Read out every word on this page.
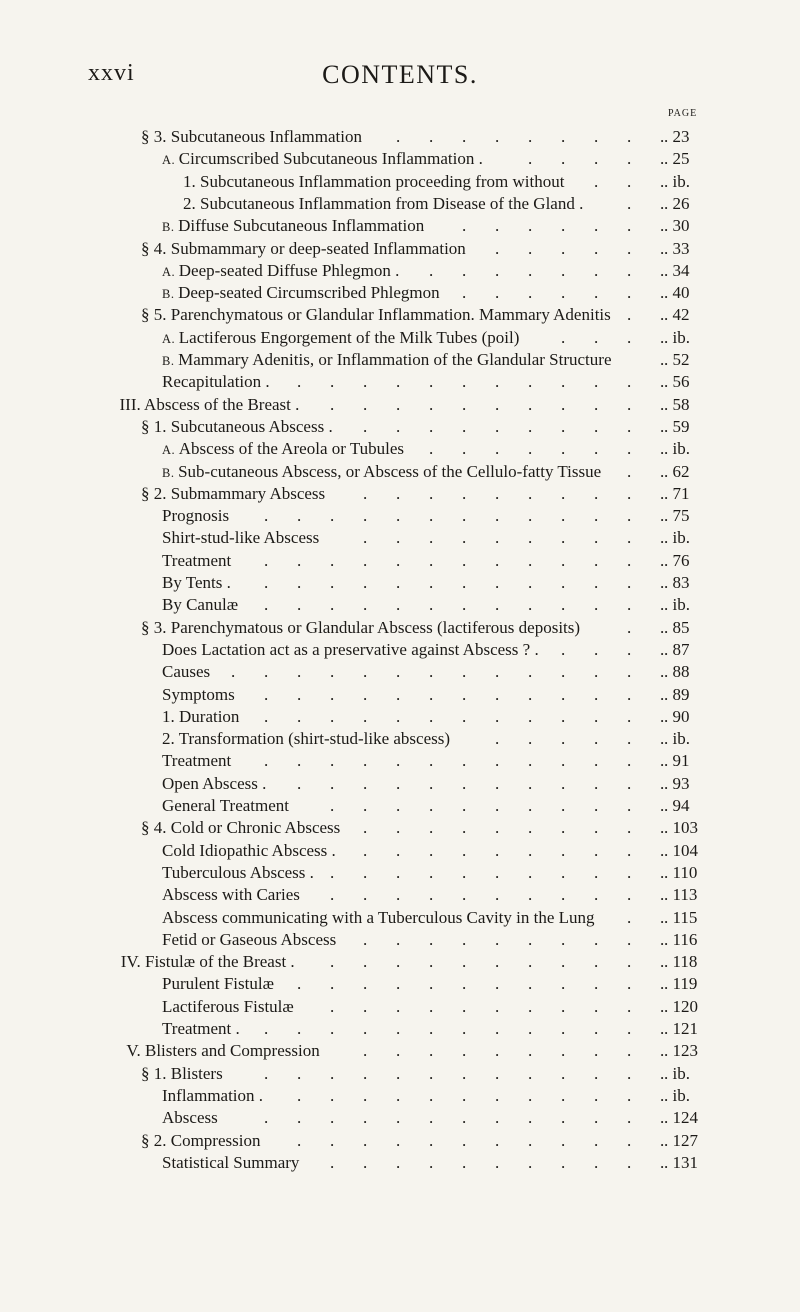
xxvi	CONTENTS.
PAGE
§ 3. Subcutaneous Inflammation . . . . . . . . . . 23
A. Circumscribed Subcutaneous Inflammation .	. . . . . . 25
1. Subcutaneous Inflammation proceeding from without . . . . ib.
2. Subcutaneous Inflammation from Disease of the Gland .	. . . 26
B. Diffuse Subcutaneous Inflammation . . . . . . . . 30
§ 4. Submammary or deep-seated Inflammation . . . . . . . 33
A. Deep-seated Diffuse Phlegmon . . . . . . . . . . 34
B. Deep-seated Circumscribed Phlegmon . . . . . . . . 40
§ 5. Parenchymatous or Glandular Inflammation. Mammary Adenitis . . . 42
A. Lactiferous Engorgement of the Milk Tubes (poil) . . . . . ib.
B. Mammary Adenitis, or Inflammation of the Glandular Structure	. . 52
Recapitulation . . . . . . . . . . . . . . 56
III. Abscess of the Breast . . . . . . . . . . . . . 58
§ 1. Subcutaneous Abscess . . . . . . . . . . . . 59
A. Abscess of the Areola or Tubules . . . . . . . . . ib.
B. Sub-cutaneous Abscess, or Abscess of the Cellulo-fatty Tissue . . . 62
§ 2. Submammary Abscess . . . . . . . . . . . 71
Prognosis . . . . . . . . . . . . . . 75
Shirt-stud-like Abscess	. . . . . . . . . . . ib.
Treatment . . . . . . . . . . . . . . 76
By Tents . . . . . . . . . . . . . . . 83
By Canulæ . . . . . . . . . . . . . . ib.
§ 3. Parenchymatous or Glandular Abscess (lactiferous deposits)	. . . 85
Does Lactation act as a preservative against Abscess ? . . . . . . 87
Causes . . . . . . . . . . . . . . . 88
Symptoms . . . . . . . . . . . . . . 89
1. Duration . . . . . . . . . . . . . . 90
2. Transformation (shirt-stud-like abscess)	. . . . . . . ib.
Treatment . . . . . . . . . . . . . . 91
Open Abscess . . . . . . . . . . . . . . 93
General Treatment . . . . . . . . . . . . 94
§ 4. Cold or Chronic Abscess . . . . . . . . . . . 103
Cold Idiopathic Abscess . . . . . . . . . . . . 104
Tuberculous Abscess . . . . . . . . . . . . . 110
Abscess with Caries . . . . . . . . . . . . 113
Abscess communicating with a Tuberculous Cavity in the Lung . . . 115
Fetid or Gaseous Abscess . . . . . . . . . . . 116
IV. Fistulæ of the Breast . . . . . . . . . . . . . 118
Purulent Fistulæ . . . . . . . . . . . . . 119
Lactiferous Fistulæ . . . . . . . . . . . . 120
Treatment . . . . . . . . . . . . . . . 121
V. Blisters and Compression	. . . . . . . . . . . 123
§ 1. Blisters . . . . . . . . . . . . . . ib.
Inflammation . . . . . . . . . . . . . . ib.
Abscess	. . . . . . . . . . . . . . 124
§ 2. Compression . . . . . . . . . . . . . 127
Statistical Summary . . . . . . . . . . . . 131
